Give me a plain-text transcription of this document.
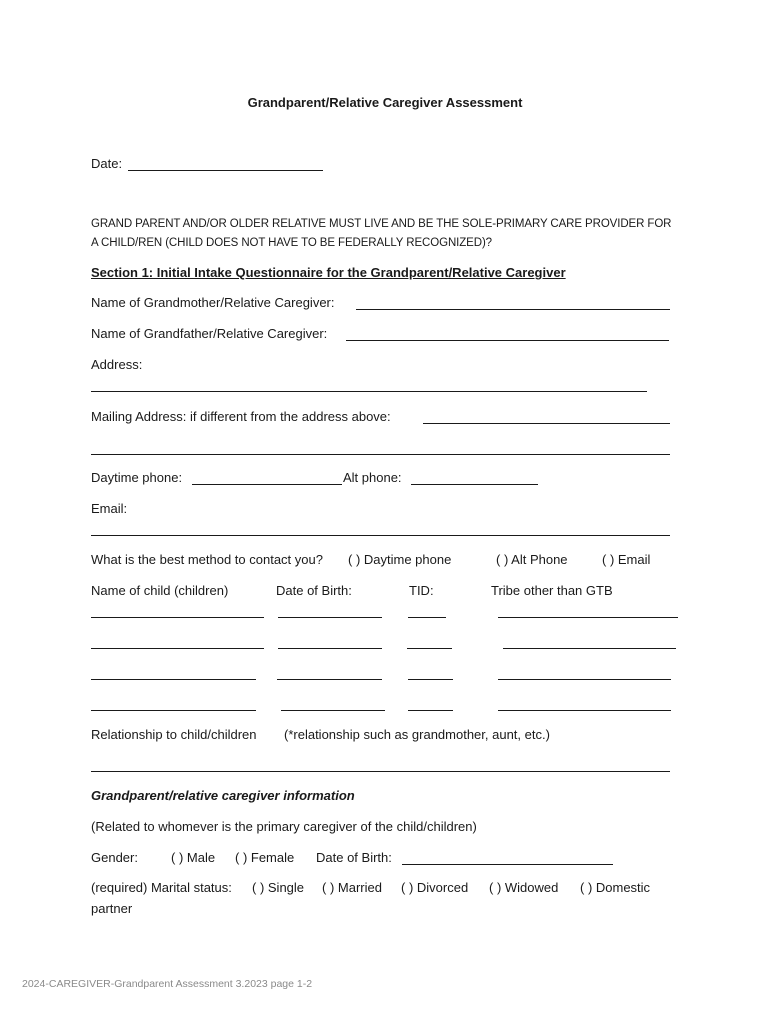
Grandparent/Relative Caregiver Assessment
Date:
GRAND PARENT AND/OR OLDER RELATIVE MUST LIVE AND BE THE SOLE-PRIMARY CARE PROVIDER FOR
A CHILD/REN (CHILD DOES NOT HAVE TO BE FEDERALLY RECOGNIZED)?
Section 1: Initial Intake Questionnaire for the Grandparent/Relative Caregiver
Name of Grandmother/Relative Caregiver:
Name of Grandfather/Relative Caregiver:
Address:
Mailing Address: if different from the address above:
Daytime phone:	Alt phone:
Email:
What is the best method to contact you? ( ) Daytime phone	( ) Alt Phone	( ) Email
Name of child (children)	Date of Birth:	TID:	Tribe other than GTB
Relationship to child/children (*relationship such as grandmother, aunt, etc.)
Grandparent/relative caregiver information
(Related to whomever is the primary caregiver of the child/children)
Gender:	( ) Male ( ) Female Date of Birth:
(required) Marital status: ( ) Single ( ) Married ( ) Divorced ( ) Widowed ( ) Domestic
partner
2024-CAREGIVER-Grandparent Assessment 3.2023 page 1-2
